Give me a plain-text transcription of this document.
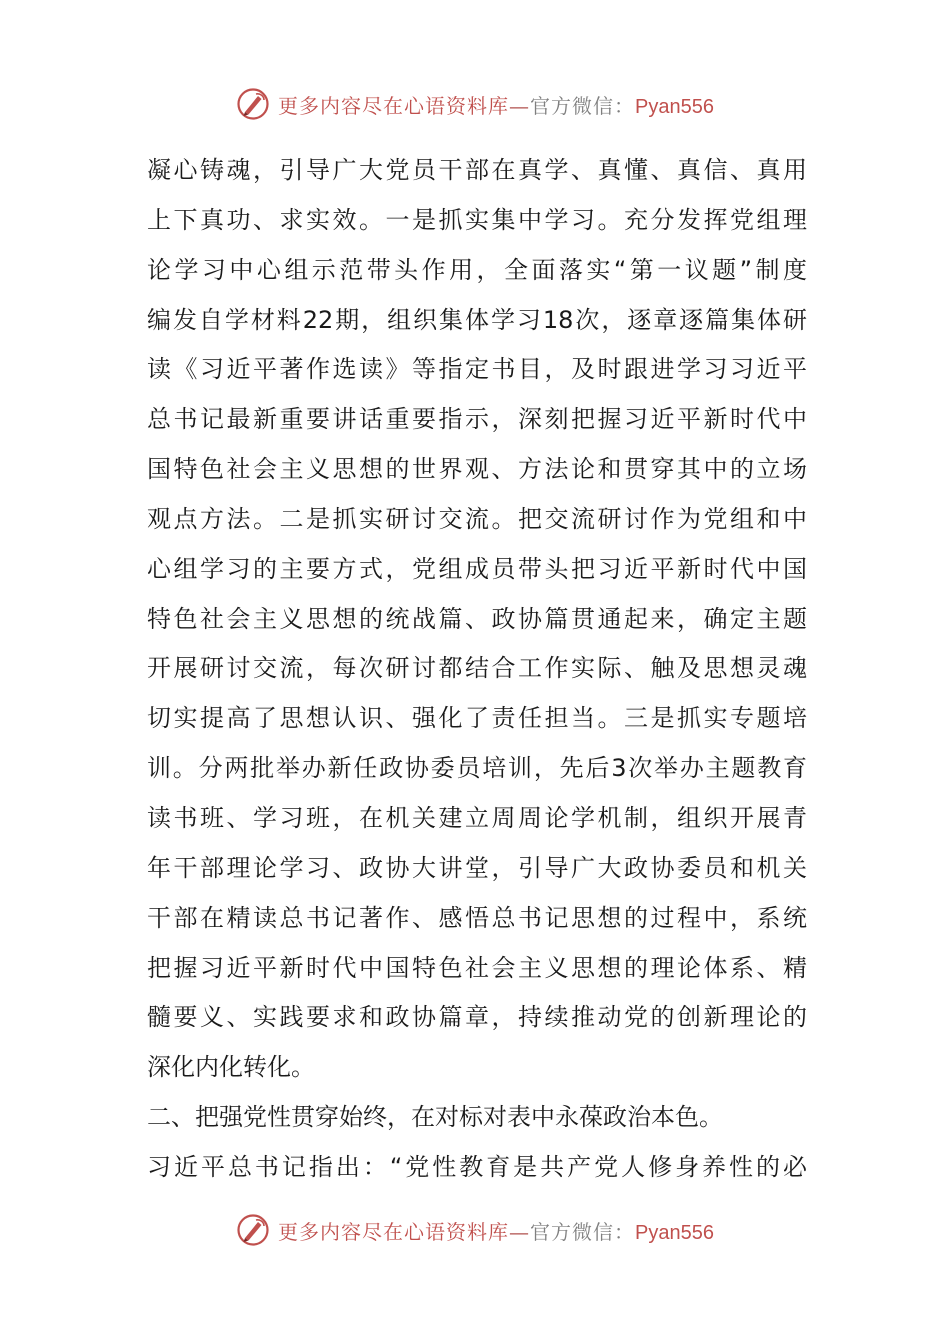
更多内容尽在心语资料库—官方微信：Pyan556
凝心铸魂，引导广大党员干部在真学、真懂、真信、真用
上下真功、求实效。一是抓实集中学习。充分发挥党组理
论学习中心组示范带头作用，全面落实“第一议题”制度
编发自学材料22期，组织集体学习18次，逐章逐篇集体研
读《习近平著作选读》等指定书目，及时跟进学习习近平
总书记最新重要讲话重要指示，深刻把握习近平新时代中
国特色社会主义思想的世界观、方法论和贯穿其中的立场
观点方法。二是抓实研讨交流。把交流研讨作为党组和中
心组学习的主要方式，党组成员带头把习近平新时代中国
特色社会主义思想的统战篇、政协篇贯通起来，确定主题
开展研讨交流，每次研讨都结合工作实际、触及思想灵魂
切实提高了思想认识、强化了责任担当。三是抓实专题培
训。分两批举办新任政协委员培训，先后3次举办主题教育
读书班、学习班，在机关建立周周论学机制，组织开展青
年干部理论学习、政协大讲堂，引导广大政协委员和机关
干部在精读总书记著作、感悟总书记思想的过程中，系统
把握习近平新时代中国特色社会主义思想的理论体系、精
髓要义、实践要求和政协篇章，持续推动党的创新理论的
深化内化转化。
二、把强党性贯穿始终，在对标对表中永葆政治本色。
习近平总书记指出：“党性教育是共产党人修身养性的必
更多内容尽在心语资料库—官方微信：Pyan556
